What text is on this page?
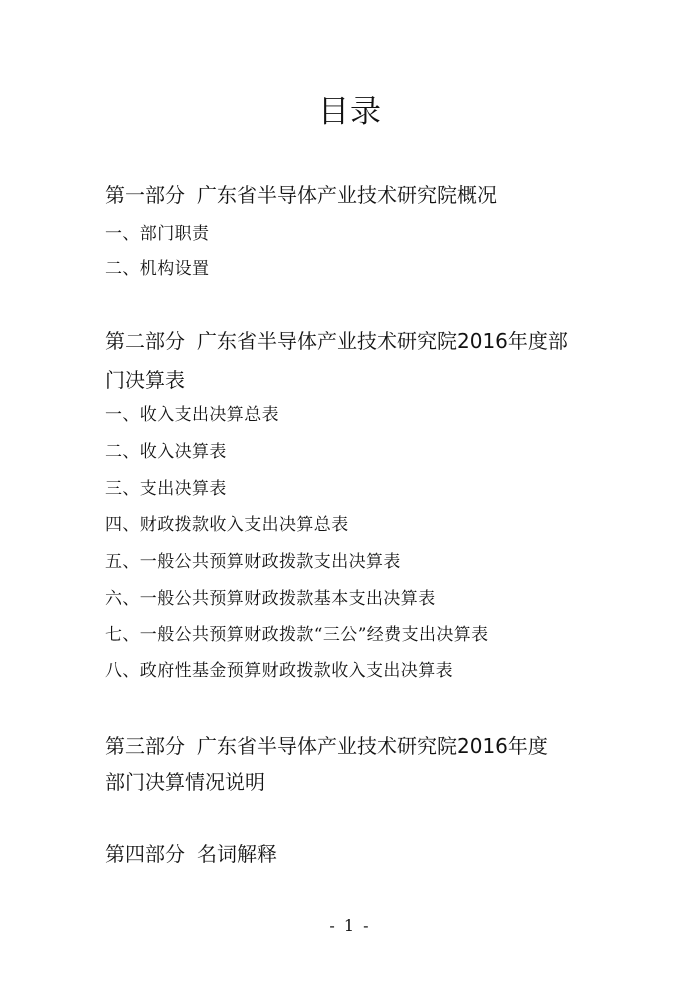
目录
第一部分 广东省半导体产业技术研究院概况
一、部门职责
二、机构设置
第二部分 广东省半导体产业技术研究院2016年度部
门决算表
一、收入支出决算总表
二、收入决算表
三、支出决算表
四、财政拨款收入支出决算总表
五、一般公共预算财政拨款支出决算表
六、一般公共预算财政拨款基本支出决算表
七、一般公共预算财政拨款“三公”经费支出决算表
八、政府性基金预算财政拨款收入支出决算表
第三部分 广东省半导体产业技术研究院2016年度
部门决算情况说明
第四部分 名词解释
- 1 -
